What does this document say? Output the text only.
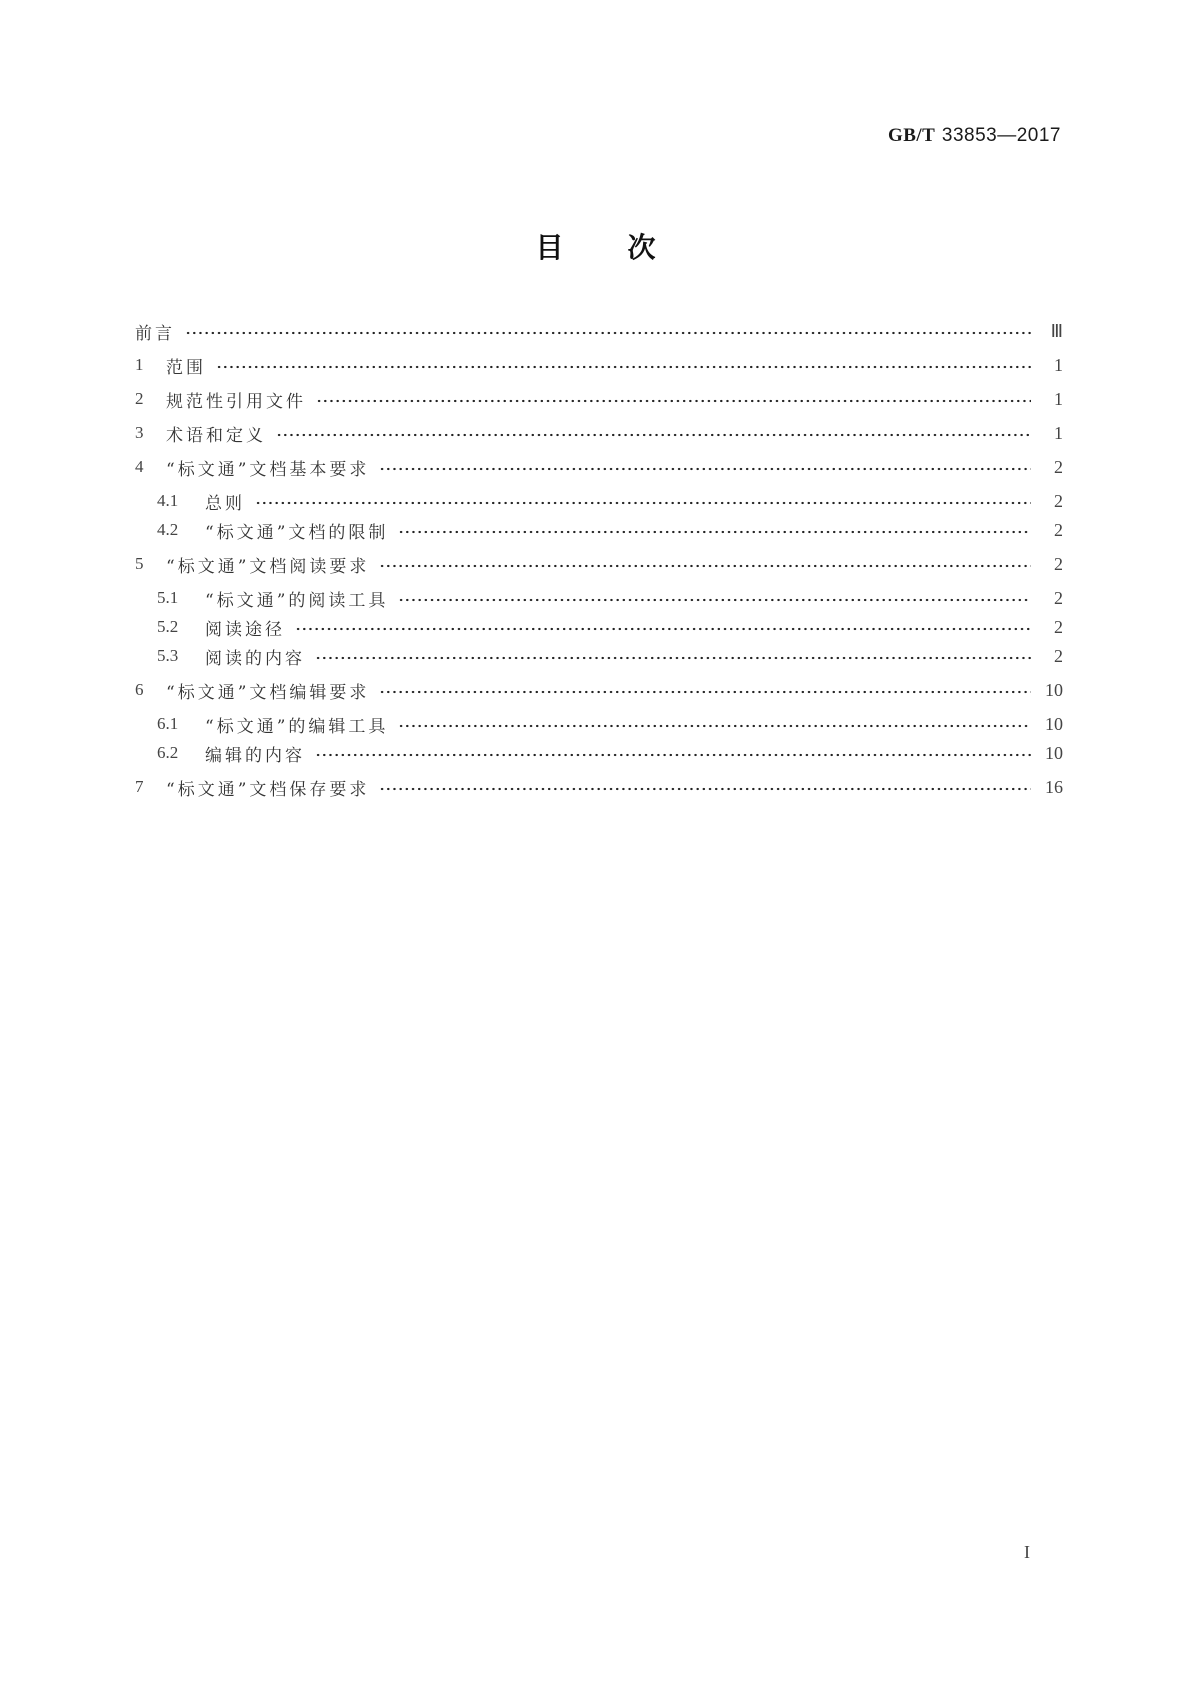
GB/T 33853—2017
目 次
前言	Ⅲ
1	范围	1
2	规范性引用文件	1
3	术语和定义	1
4	“标文通”文档基本要求	2
4.1	总则	2
4.2	“标文通”文档的限制	2
5	“标文通”文档阅读要求	2
5.1	“标文通”的阅读工具	2
5.2	阅读途径	2
5.3	阅读的内容	2
6	“标文通”文档编辑要求	10
6.1	“标文通”的编辑工具	10
6.2	编辑的内容	10
7	“标文通”文档保存要求	16
I
